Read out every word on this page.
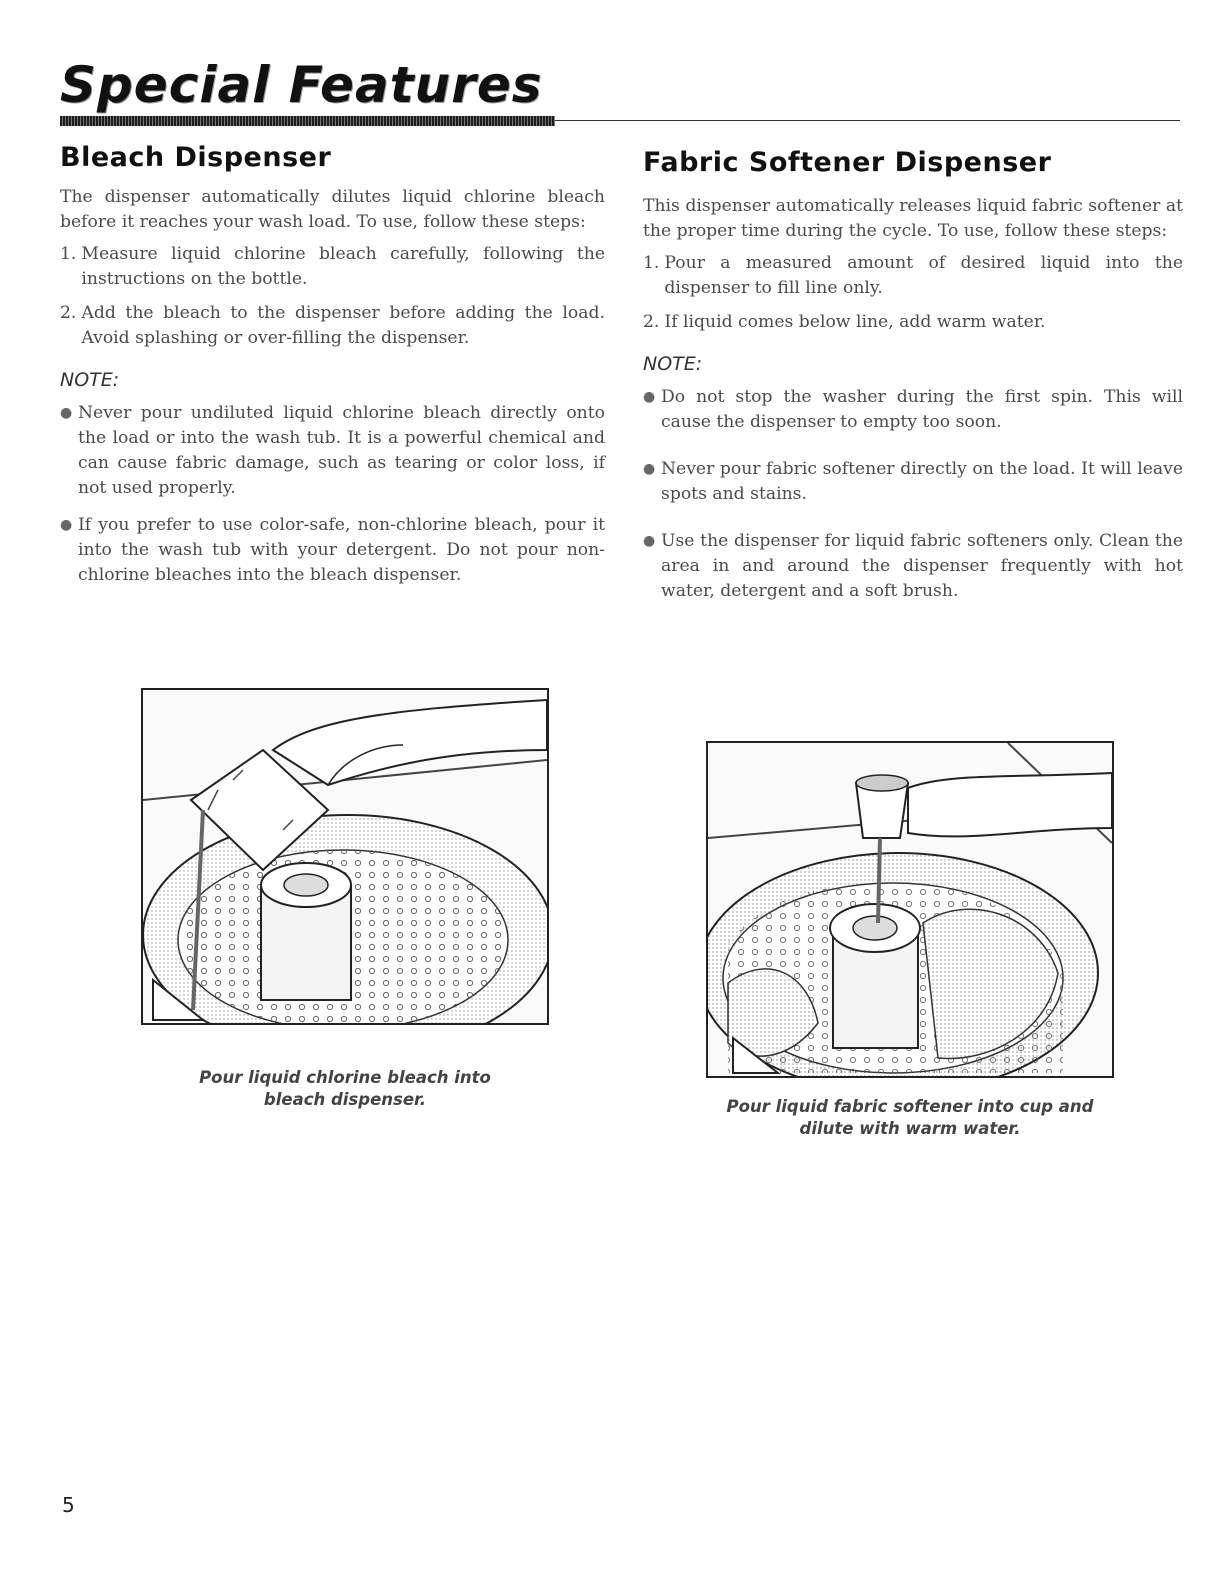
Special Features
Bleach Dispenser

The dispenser automatically dilutes liquid chlorine bleach before it reaches your wash load. To use, follow these steps:

1. Measure liquid chlorine bleach carefully, following the instructions on the bottle.
2. Add the bleach to the dispenser before adding the load. Avoid splashing or over-filling the dispenser.
NOTE:
● Never pour undiluted liquid chlorine bleach directly onto the load or into the wash tub. It is a powerful chemical and can cause fabric damage, such as tearing or color loss, if not used properly.
● If you prefer to use color-safe, non-chlorine bleach, pour it into the wash tub with your detergent. Do not pour non-chlorine bleaches into the bleach dispenser.
Fabric Softener Dispenser

This dispenser automatically releases liquid fabric softener at the proper time during the cycle. To use, follow these steps:

1. Pour a measured amount of desired liquid into the dispenser to fill line only.
2. If liquid comes below line, add warm water.
NOTE:
● Do not stop the washer during the first spin. This will cause the dispenser to empty too soon.
● Never pour fabric softener directly on the load. It will leave spots and stains.
● Use the dispenser for liquid fabric softeners only. Clean the area in and around the dispenser frequently with hot water, detergent and a soft brush.

Pour liquid chlorine bleach into bleach dispenser.	Pour liquid fabric softener into cup and dilute with warm water.

5
